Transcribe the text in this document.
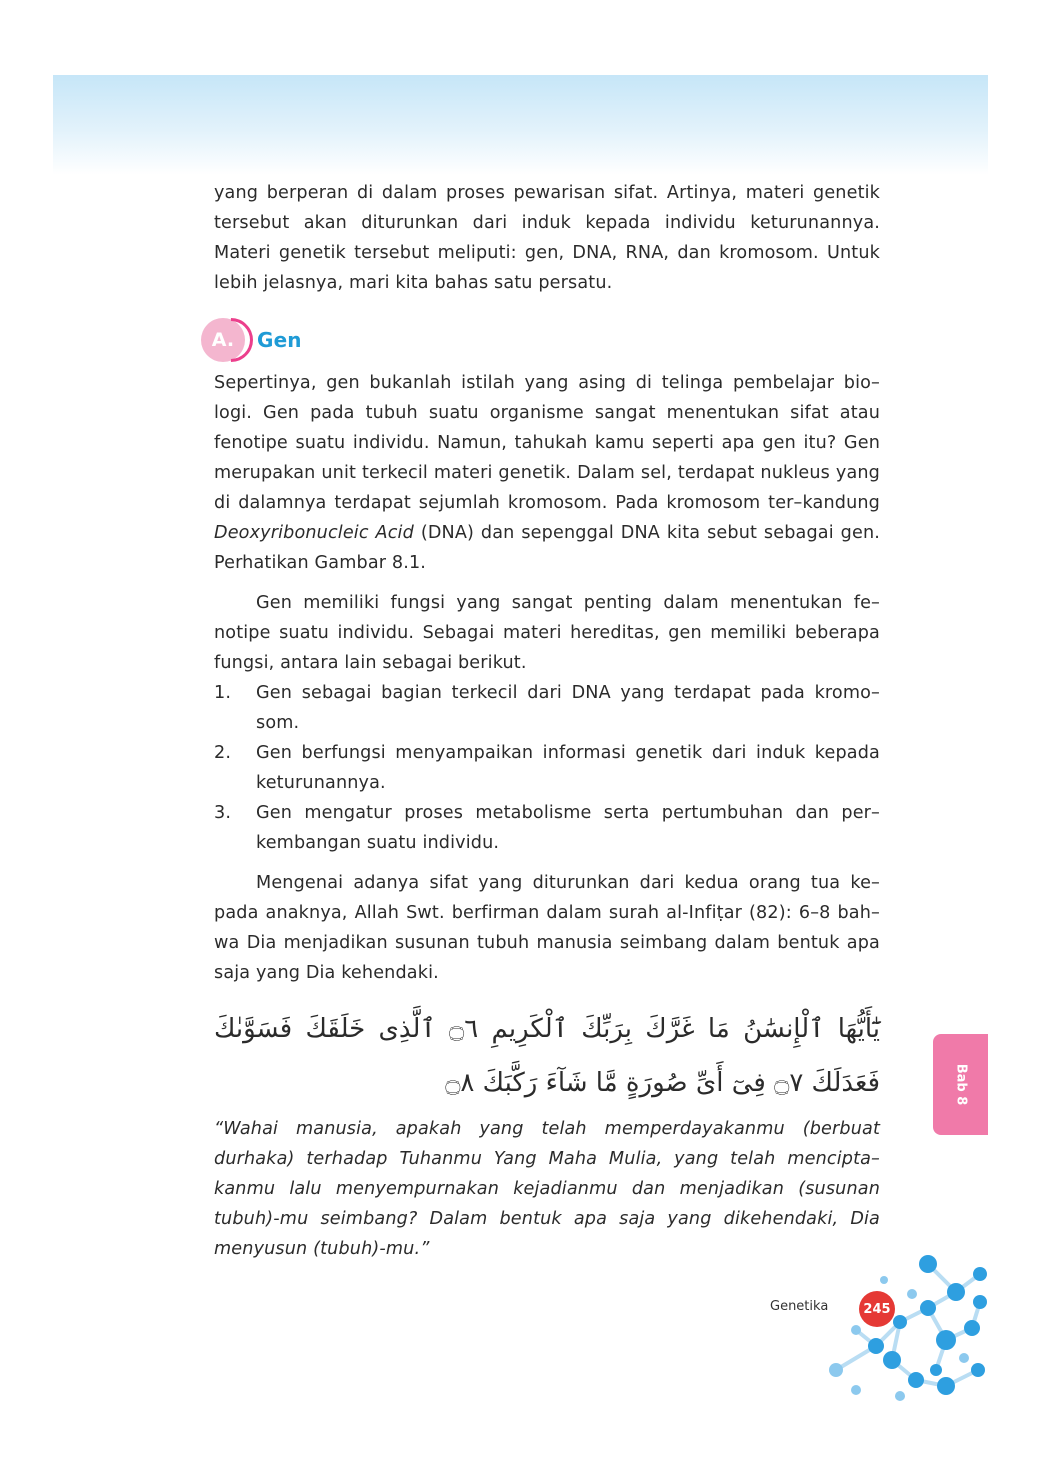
yang berperan di dalam proses pewarisan sifat. Artinya, materi genetik tersebut akan diturunkan dari induk kepada individu keturunannya. Materi genetik tersebut meliputi: gen, DNA, RNA, dan kromosom. Untuk lebih jelasnya, mari kita bahas satu persatu.

A. Gen

Sepertinya, gen bukanlah istilah yang asing di telinga pembelajar bio–logi. Gen pada tubuh suatu organisme sangat menentukan sifat atau fenotipe suatu individu. Namun, tahukah kamu seperti apa gen itu? Gen merupakan unit terkecil materi genetik. Dalam sel, terdapat nukleus yang di dalamnya terdapat sejumlah kromosom. Pada kromosom ter–kandung Deoxyribonucleic Acid (DNA) dan sepenggal DNA kita sebut sebagai gen. Perhatikan Gambar 8.1.

Gen memiliki fungsi yang sangat penting dalam menentukan fe–notipe suatu individu. Sebagai materi hereditas, gen memiliki beberapa fungsi, antara lain sebagai berikut.

1. Gen sebagai bagian terkecil dari DNA yang terdapat pada kromo–som.
2. Gen berfungsi menyampaikan informasi genetik dari induk kepada keturunannya.
3. Gen mengatur proses metabolisme serta pertumbuhan dan per–kembangan suatu individu.

Mengenai adanya sifat yang diturunkan dari kedua orang tua ke–pada anaknya, Allah Swt. berfirman dalam surah al-Infiṭar (82): 6–8 bah–wa Dia menjadikan susunan tubuh manusia seimbang dalam bentuk apa saja yang Dia kehendaki.

يَٰٓأَيُّهَا ٱلْإِنسَٰنُ مَا غَرَّكَ بِرَبِّكَ ٱلْكَرِيمِ ۝٦ ٱلَّذِى خَلَقَكَ فَسَوَّىٰكَ فَعَدَلَكَ ۝٧ فِىٓ أَىِّ صُورَةٍ مَّا شَآءَ رَكَّبَكَ ۝٨

“Wahai manusia, apakah yang telah memperdayakanmu (berbuat durhaka) terhadap Tuhanmu Yang Maha Mulia, yang telah mencipta–kanmu lalu menyempurnakan kejadianmu dan menjadikan (susunan tubuh)-mu seimbang? Dalam bentuk apa saja yang dikehendaki, Dia menyusun (tubuh)-mu.”

Bab 8
Genetika	245
